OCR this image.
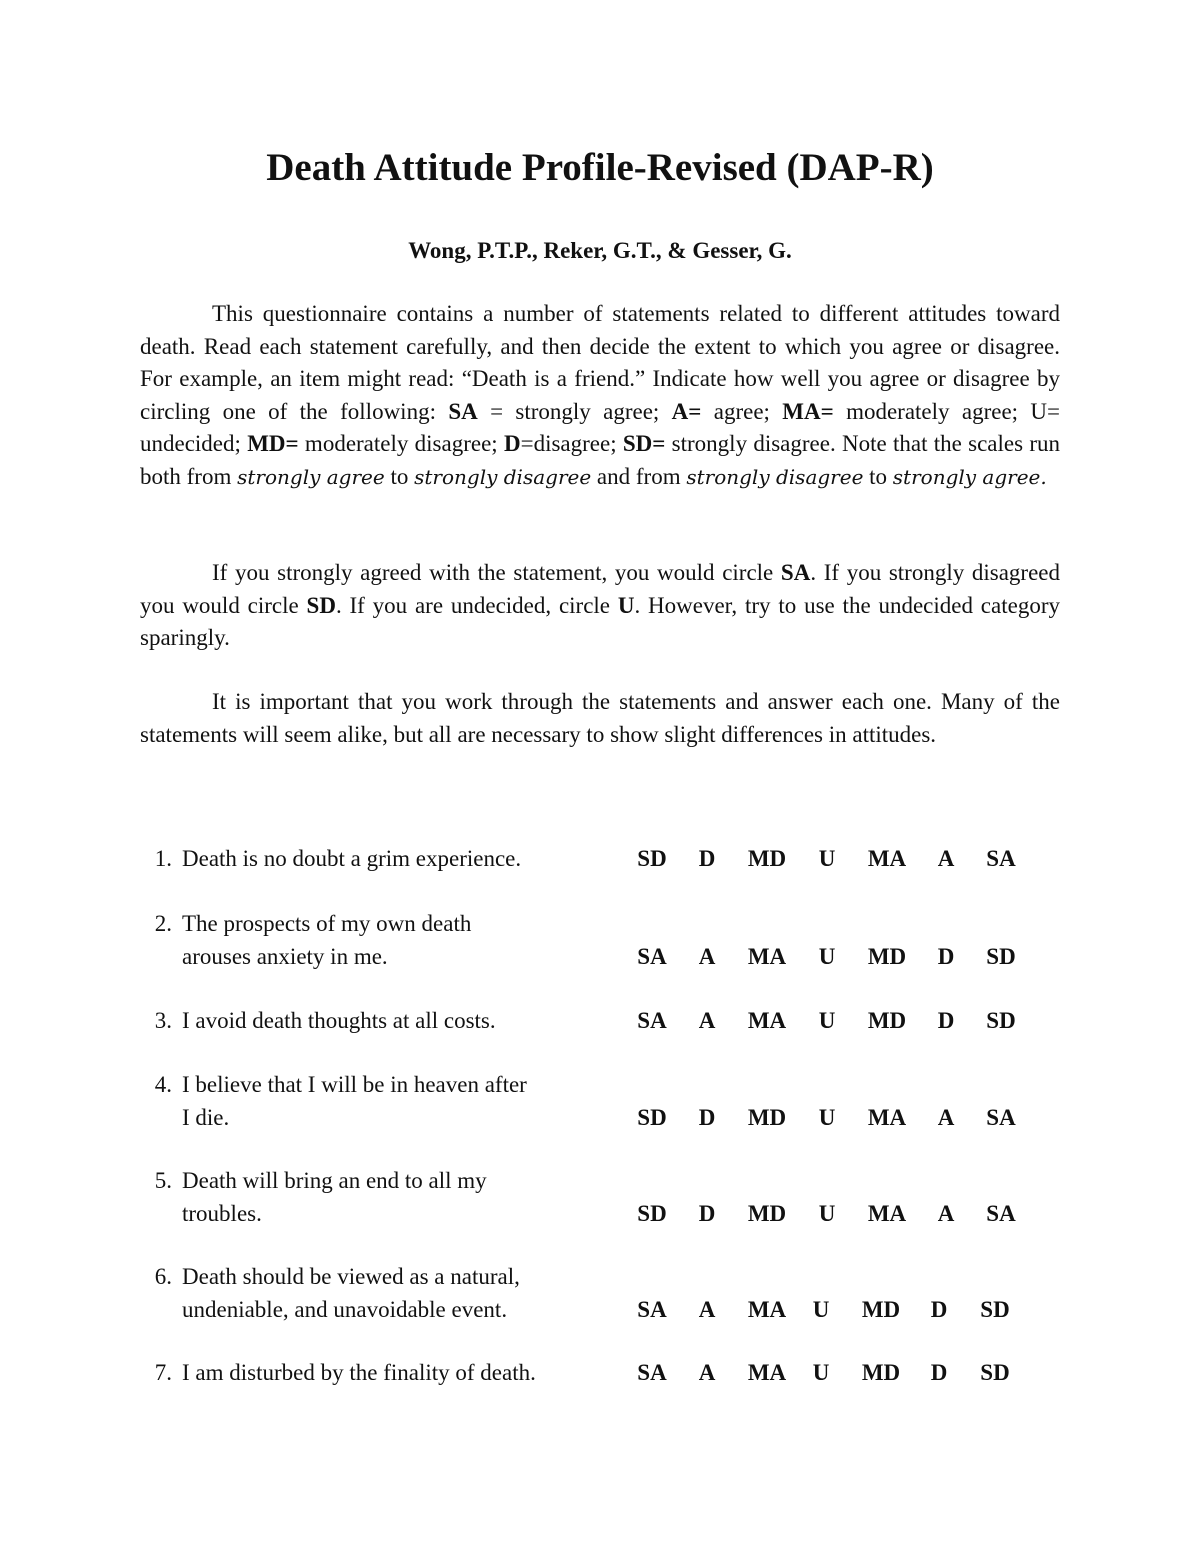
Death Attitude Profile-Revised (DAP-R)
Wong, P.T.P., Reker, G.T., & Gesser, G.

This questionnaire contains a number of statements related to different attitudes toward death. Read each statement carefully, and then decide the extent to which you agree or disagree. For example, an item might read: “Death is a friend.” Indicate how well you agree or disagree by circling one of the following: SA = strongly agree; A= agree; MA= moderately agree; U= undecided; MD= moderately disagree; D=disagree; SD= strongly disagree. Note that the scales run both from strongly agree to strongly disagree and from strongly disagree to strongly agree.

If you strongly agreed with the statement, you would circle SA. If you strongly disagreed you would circle SD. If you are undecided, circle U. However, try to use the undecided category sparingly.

It is important that you work through the statements and answer each one. Many of the statements will seem alike, but all are necessary to show slight differences in attitudes.

1. Death is no doubt a grim experience.	SD	D	MD	U	MA	A	SA
2. The prospects of my own death
arouses anxiety in me.	SA	A	MA	U	MD	D	SD
3. I avoid death thoughts at all costs.	SA	A	MA	U	MD	D	SD
4. I believe that I will be in heaven after
I die.	SD	D	MD	U	MA	A	SA
5. Death will bring an end to all my
troubles.	SD	D	MD	U	MA	A	SA
6. Death should be viewed as a natural,
undeniable, and unavoidable event.	SA	A	MA	U	MD	D	SD
7. I am disturbed by the finality of death.	SA	A	MA	U	MD	D	SD
